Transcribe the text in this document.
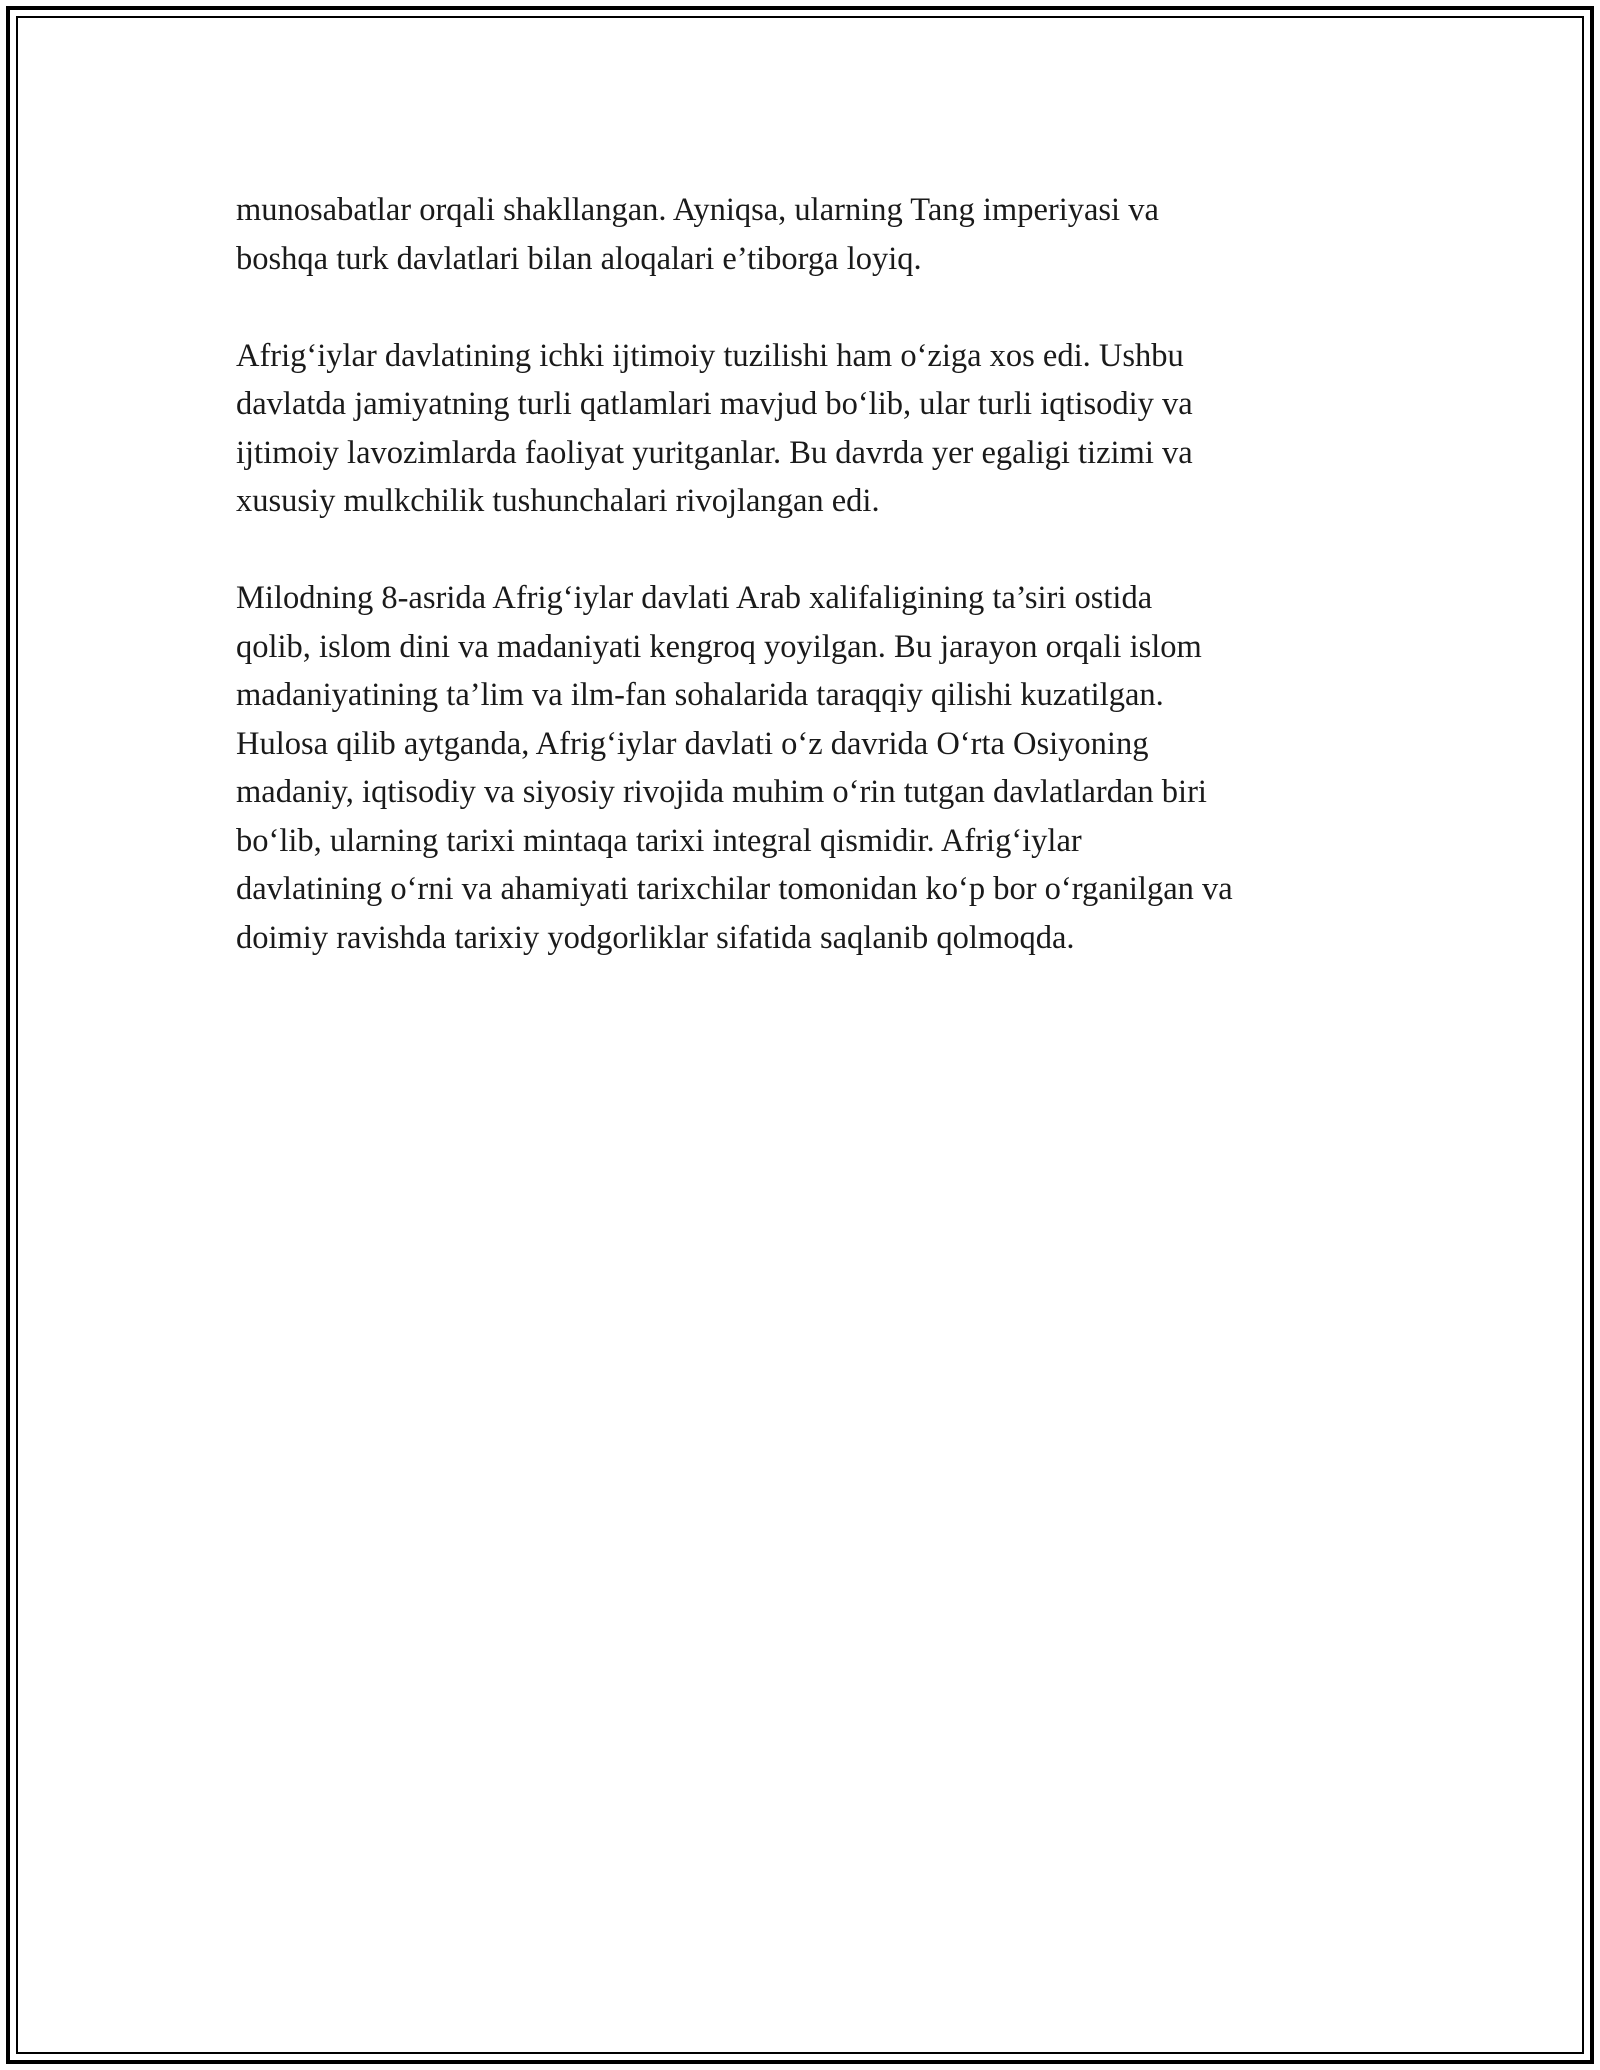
munosabatlar orqali shakllangan. Ayniqsa, ularning Tang imperiyasi va
boshqa turk davlatlari bilan aloqalari e’tiborga loyiq.

Afrig‘iylar davlatining ichki ijtimoiy tuzilishi ham o‘ziga xos edi. Ushbu
davlatda jamiyatning turli qatlamlari mavjud bo‘lib, ular turli iqtisodiy va
ijtimoiy lavozimlarda faoliyat yuritganlar. Bu davrda yer egaligi tizimi va
xususiy mulkchilik tushunchalari rivojlangan edi.

Milodning 8-asrida Afrig‘iylar davlati Arab xalifaligining ta’siri ostida
qolib, islom dini va madaniyati kengroq yoyilgan. Bu jarayon orqali islom
madaniyatining ta’lim va ilm-fan sohalarida taraqqiy qilishi kuzatilgan.
Hulosa qilib aytganda, Afrig‘iylar davlati o‘z davrida O‘rta Osiyoning
madaniy, iqtisodiy va siyosiy rivojida muhim o‘rin tutgan davlatlardan biri
bo‘lib, ularning tarixi mintaqa tarixi integral qismidir. Afrig‘iylar
davlatining o‘rni va ahamiyati tarixchilar tomonidan ko‘p bor o‘rganilgan va
doimiy ravishda tarixiy yodgorliklar sifatida saqlanib qolmoqda.
